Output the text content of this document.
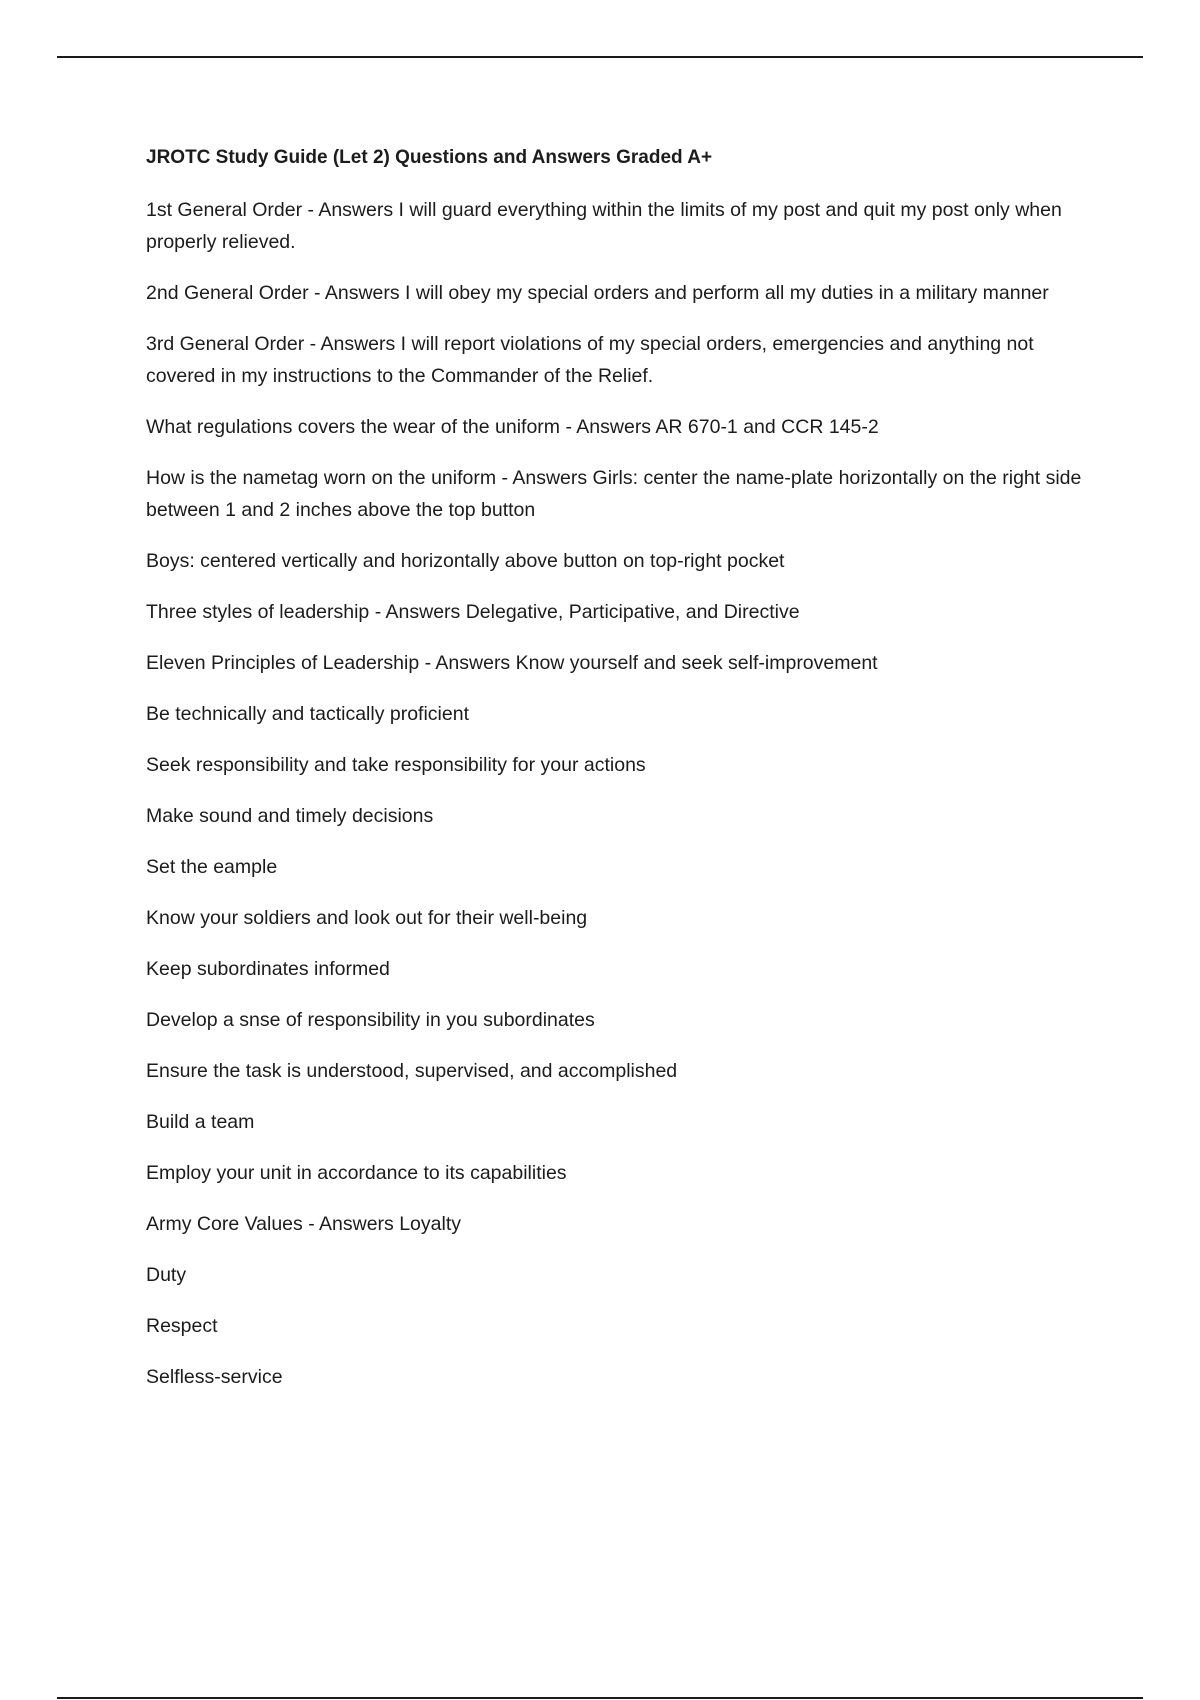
JROTC Study Guide (Let 2) Questions and Answers Graded A+
1st General Order - Answers I will guard everything within the limits of my post and quit my post only when properly relieved.
2nd General Order - Answers I will obey my special orders and perform all my duties in a military manner
3rd General Order - Answers I will report violations of my special orders, emergencies and anything not covered in my instructions to the Commander of the Relief.
What regulations covers the wear of the uniform - Answers AR 670-1 and CCR 145-2
How is the nametag worn on the uniform - Answers Girls: center the name-plate horizontally on the right side between 1 and 2 inches above the top button
Boys: centered vertically and horizontally above button on top-right pocket
Three styles of leadership - Answers Delegative, Participative, and Directive
Eleven Principles of Leadership - Answers Know yourself and seek self-improvement
Be technically and tactically proficient
Seek responsibility and take responsibility for your actions
Make sound and timely decisions
Set the eample
Know your soldiers and look out for their well-being
Keep subordinates informed
Develop a snse of responsibility in you subordinates
Ensure the task is understood, supervised, and accomplished
Build a team
Employ your unit in accordance to its capabilities
Army Core Values - Answers Loyalty
Duty
Respect
Selfless-service
